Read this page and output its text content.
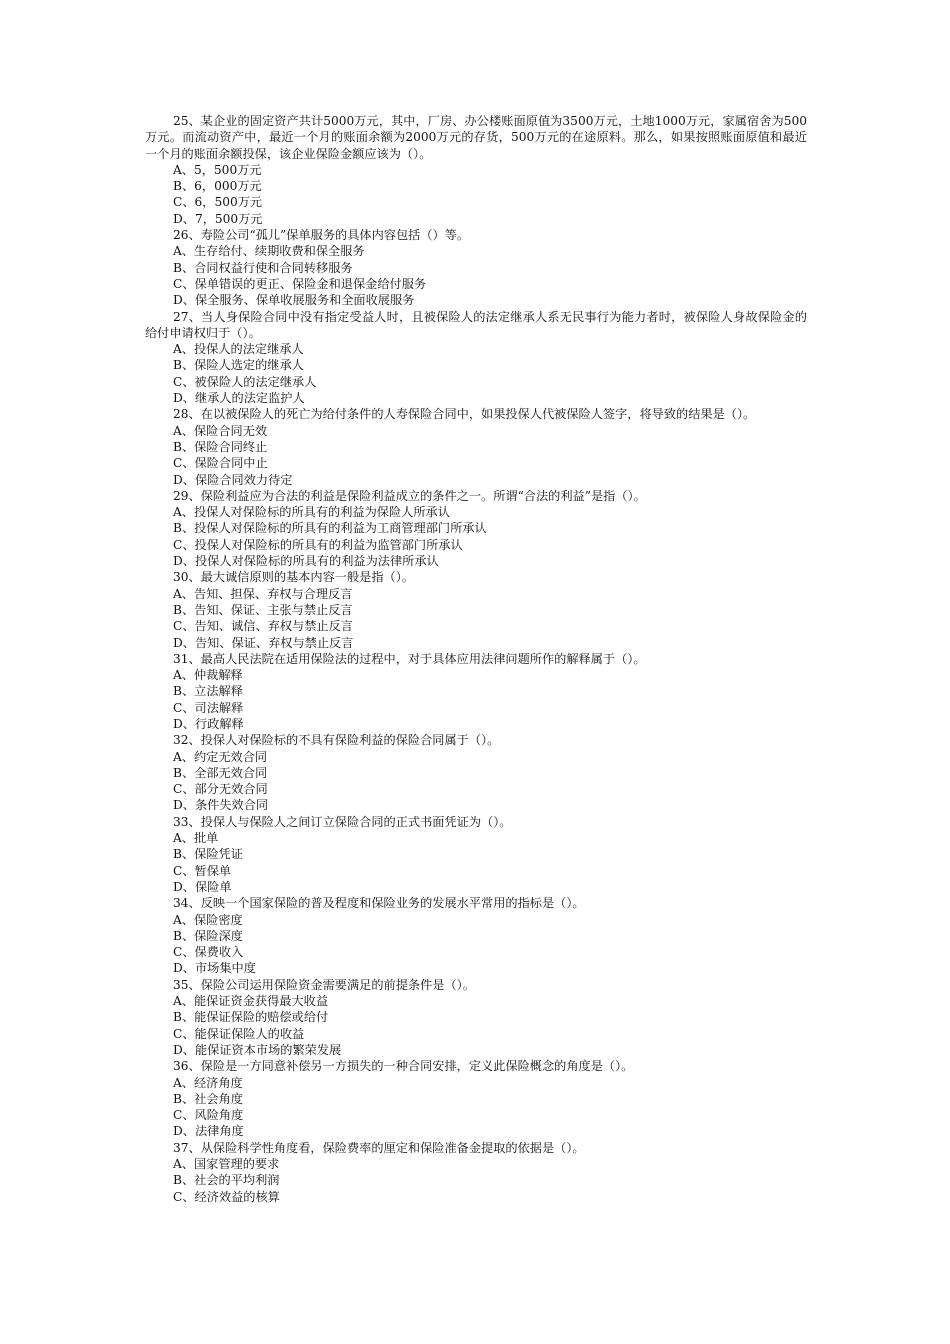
25、某企业的固定资产共计5000万元，其中，厂房、办公楼账面原值为3500万元，土地1000万元，家属宿舍为500万元。而流动资产中，最近一个月的账面余额为2000万元的存货，500万元的在途原料。那么，如果按照账面原值和最近一个月的账面余额投保，该企业保险金额应该为（）。

A、5，500万元

B、6，000万元

C、6，500万元

D、7，500万元

26、寿险公司“孤儿”保单服务的具体内容包括（）等。

A、生存给付、续期收费和保全服务

B、合同权益行使和合同转移服务

C、保单错误的更正、保险金和退保金给付服务

D、保全服务、保单收展服务和全面收展服务

27、当人身保险合同中没有指定受益人时，且被保险人的法定继承人系无民事行为能力者时，被保险人身故保险金的给付申请权归于（）。

A、投保人的法定继承人

B、保险人选定的继承人

C、被保险人的法定继承人

D、继承人的法定监护人

28、在以被保险人的死亡为给付条件的人寿保险合同中，如果投保人代被保险人签字，将导致的结果是（）。

A、保险合同无效

B、保险合同终止

C、保险合同中止

D、保险合同效力待定

29、保险利益应为合法的利益是保险利益成立的条件之一。所谓“合法的利益”是指（）。

A、投保人对保险标的所具有的利益为保险人所承认

B、投保人对保险标的所具有的利益为工商管理部门所承认

C、投保人对保险标的所具有的利益为监管部门所承认

D、投保人对保险标的所具有的利益为法律所承认

30、最大诚信原则的基本内容一般是指（）。

A、告知、担保、弃权与合理反言

B、告知、保证、主张与禁止反言

C、告知、诚信、弃权与禁止反言

D、告知、保证、弃权与禁止反言

31、最高人民法院在适用保险法的过程中，对于具体应用法律问题所作的解释属于（）。

A、仲裁解释

B、立法解释

C、司法解释

D、行政解释

32、投保人对保险标的不具有保险利益的保险合同属于（）。

A、约定无效合同

B、全部无效合同

C、部分无效合同

D、条件失效合同

33、投保人与保险人之间订立保险合同的正式书面凭证为（）。

A、批单

B、保险凭证

C、暂保单

D、保险单

34、反映一个国家保险的普及程度和保险业务的发展水平常用的指标是（）。

A、保险密度

B、保险深度

C、保费收入

D、市场集中度

35、保险公司运用保险资金需要满足的前提条件是（）。

A、能保证资金获得最大收益

B、能保证保险的赔偿或给付

C、能保证保险人的收益

D、能保证资本市场的繁荣发展

36、保险是一方同意补偿另一方损失的一种合同安排，定义此保险概念的角度是（）。

A、经济角度

B、社会角度

C、风险角度

D、法律角度

37、从保险科学性角度看，保险费率的厘定和保险准备金提取的依据是（）。

A、国家管理的要求

B、社会的平均利润

C、经济效益的核算
